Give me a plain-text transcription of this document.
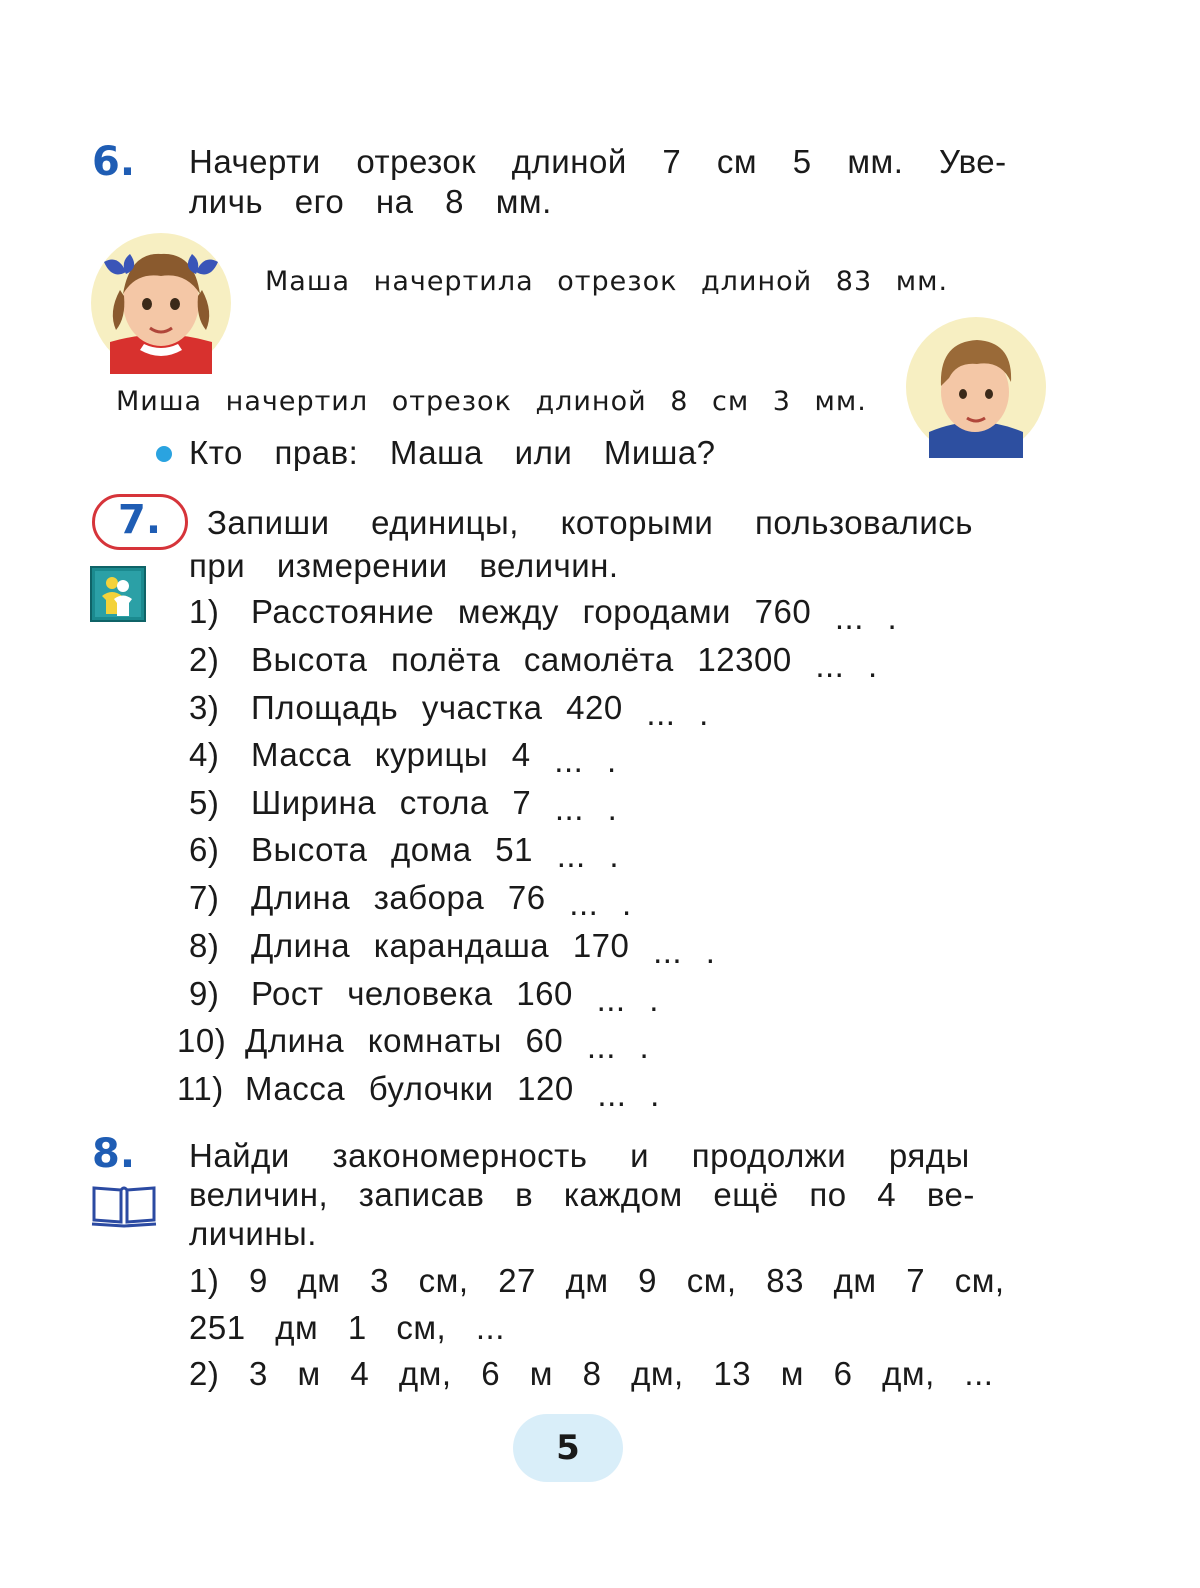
6. Начерти отрезок длиной 7 см 5 мм. Уве-
личь его на 8 мм.
Маша начертила отрезок длиной 83 мм.
Миша начертил отрезок длиной 8 см 3 мм.
Кто прав: Маша или Миша?
7. Запиши единицы, которыми пользовались
при измерении величин.
1) Расстояние между городами 760 ... .
2) Высота полёта самолёта 12300 ... .
3) Площадь участка 420 ... .
4) Масса курицы 4 ... .
5) Ширина стола 7 ... .
6) Высота дома 51 ... .
7) Длина забора 76 ... .
8) Длина карандаша 170 ... .
9) Рост человека 160 ... .
10) Длина комнаты 60 ... .
11) Масса булочки 120 ... .
8. Найди закономерность и продолжи ряды
величин, записав в каждом ещё по 4 ве-
личины.
1) 9 дм 3 см, 27 дм 9 см, 83 дм 7 см,
251 дм 1 см, ...
2) 3 м 4 дм, 6 м 8 дм, 13 м 6 дм, ...
5
